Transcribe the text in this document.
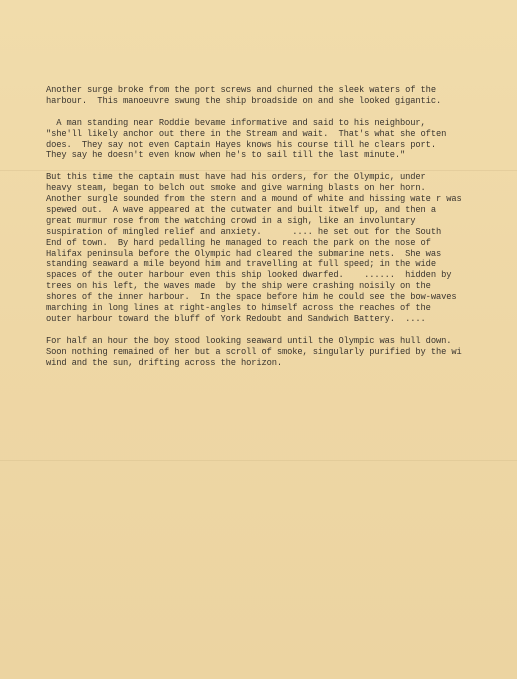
Another surge broke from the port screws and churned the sleek waters of the
harbour.  This manoeuvre swung the ship broadside on and she looked gigantic.
A man standing near Roddie bevame informative and said to his neighbour,
"she'll likely anchor out there in the Stream and wait.  That's what she often
does.  They say not even Captain Hayes knows his course till he clears port.
They say he doesn't even know when he's to sail till the last minute."
But this time the captain must have had his orders, for the Olympic, under
heavy steam, began to belch out smoke and give warning blasts on her horn.
Another surgle sounded from the stern and a mound of white and hissing wate r was
spewed out.  A wave appeared at the cutwater and built itwelf up, and then a
great murmur rose from the watching crowd in a sigh, like an involuntary
suspiration of mingled relief and anxiety.      .... he set out for the South
End of town.  By hard pedalling he managed to reach the park on the nose of
Halifax peninsula before the Olympic had cleared the submarine nets.  She was
standing seaward a mile beyond him and travelling at full speed; in the wide
spaces of the outer harbour even this ship looked dwarfed.    ......  hidden by
trees on his left, the waves made  by the ship were crashing noisily on the
shores of the inner harbour.  In the space before him he could see the bow-waves
marching in long lines at right-angles to himself across the reaches of the
outer harbour toward the bluff of York Redoubt and Sandwich Battery.  ....
For half an hour the boy stood looking seaward until the Olympic was hull down.
Soon nothing remained of her but a scroll of smoke, singularly purified by the wi
wind and the sun, drifting across the horizon.
